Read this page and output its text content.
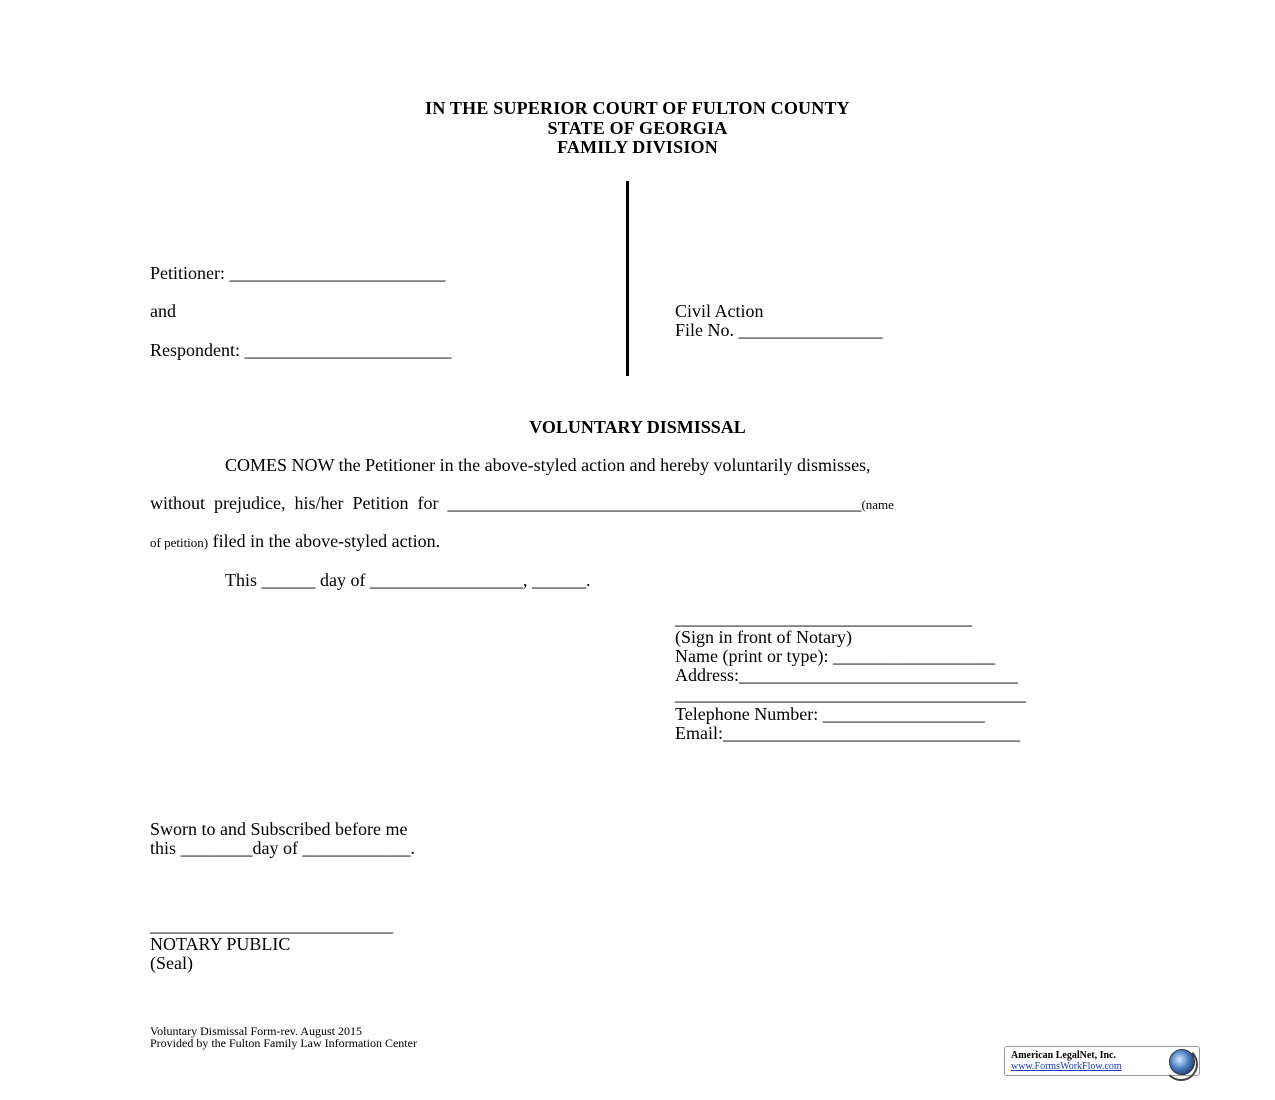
IN THE SUPERIOR COURT OF FULTON COUNTY
STATE OF GEORGIA
FAMILY DIVISION
Petitioner: ________________________
and
Respondent: _______________________
Civil Action
File No. ________________
VOLUNTARY DISMISSAL
COMES NOW the Petitioner in the above-styled action and hereby voluntarily dismisses,
without  prejudice,  his/her  Petition  for  ______________________________________________(name
of petition) filed in the above-styled action.
This ______ day of _________________, ______.
_________________________________
(Sign in front of Notary)
Name (print or type): __________________
Address:_______________________________
_______________________________________
Telephone Number: __________________
Email:_________________________________
Sworn to and Subscribed before me
this ________day of ____________.
___________________________
NOTARY PUBLIC
(Seal)
Voluntary Dismissal Form-rev. August 2015
Provided by the Fulton Family Law Information Center
American LegalNet, Inc.
www.FormsWorkFlow.com
